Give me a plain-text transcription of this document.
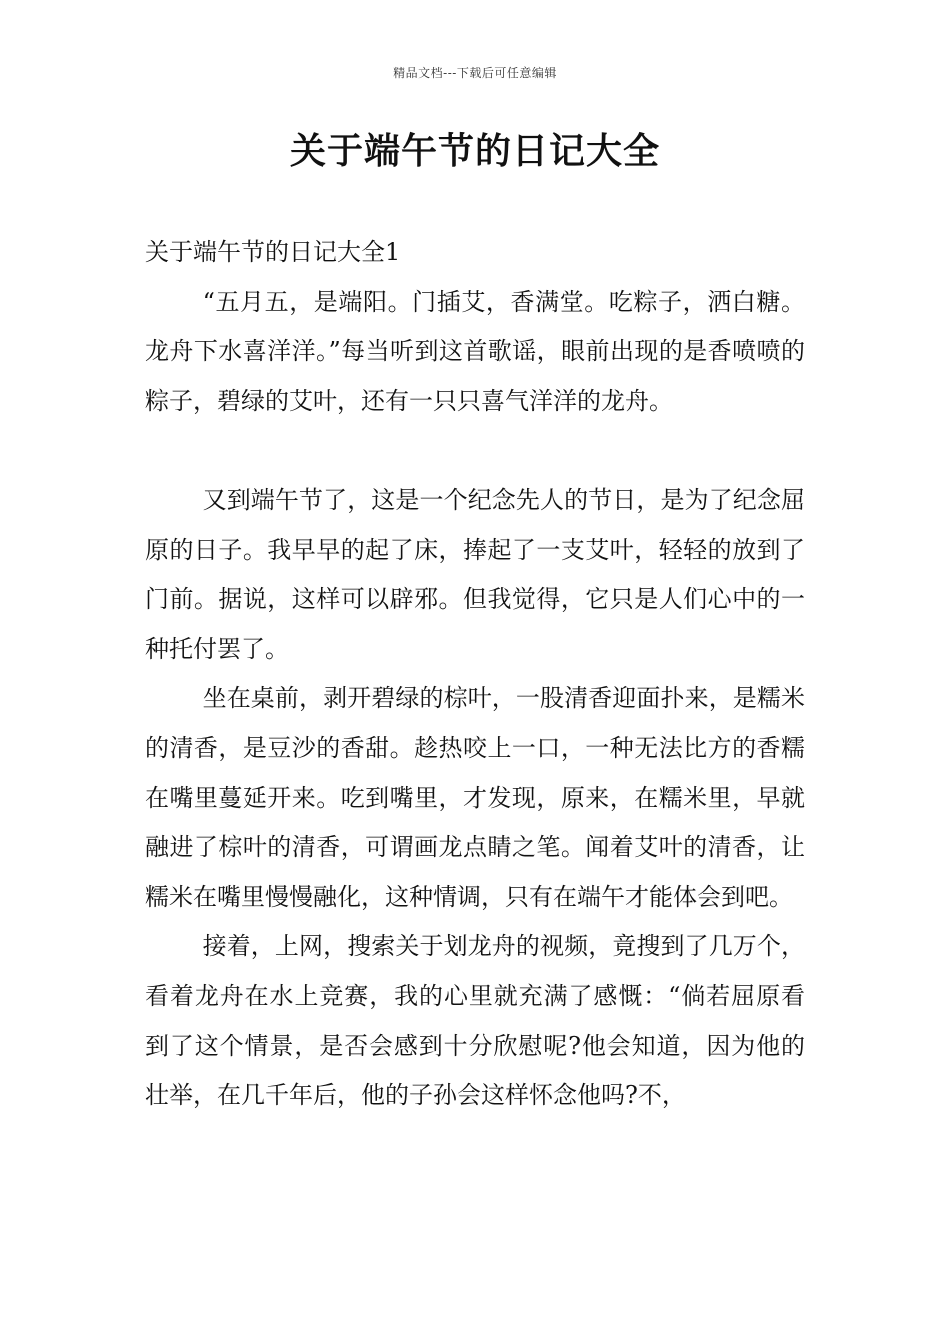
精品文档---下载后可任意编辑
关于端午节的日记大全
关于端午节的日记大全1

“五月五，是端阳。门插艾，香满堂。吃粽子，洒白糖。龙舟下水喜洋洋。”每当听到这首歌谣，眼前出现的是香喷喷的粽子，碧绿的艾叶，还有一只只喜气洋洋的龙舟。

又到端午节了，这是一个纪念先人的节日，是为了纪念屈原的日子。我早早的起了床，捧起了一支艾叶，轻轻的放到了门前。据说，这样可以辟邪。但我觉得，它只是人们心中的一种托付罢了。

坐在桌前，剥开碧绿的棕叶，一股清香迎面扑来，是糯米的清香，是豆沙的香甜。趁热咬上一口，一种无法比方的香糯在嘴里蔓延开来。吃到嘴里，才发现，原来，在糯米里，早就融进了棕叶的清香，可谓画龙点睛之笔。闻着艾叶的清香，让糯米在嘴里慢慢融化，这种情调，只有在端午才能体会到吧。

接着，上网，搜索关于划龙舟的视频，竟搜到了几万个，看着龙舟在水上竞赛，我的心里就充满了感慨：“倘若屈原看到了这个情景，是否会感到十分欣慰呢?他会知道，因为他的壮举，在几千年后，他的子孙会这样怀念他吗?不，
